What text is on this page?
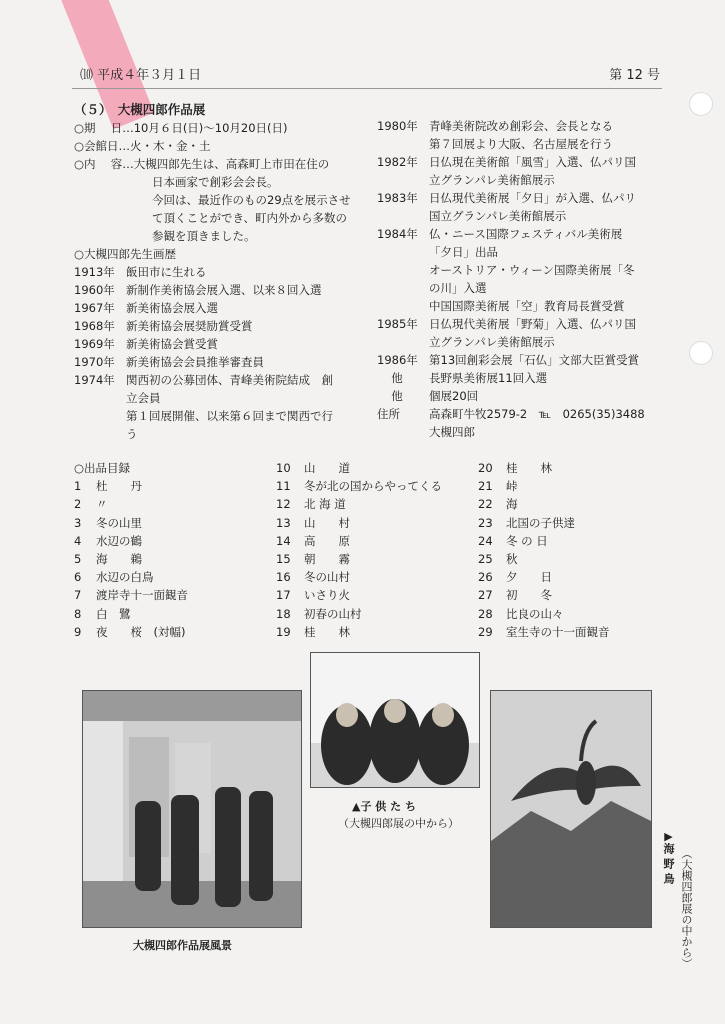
⑽ 平成４年３月１日	第 12 号
（５）　大槻四郎作品展
○期　 日…10月６日(日)〜10月20日(日)
○会館日…火・木・金・土
○内　 容…大槻四郎先生は、高森町上市田在住の
日本画家で創彩会会長。
今回は、最近作のもの29点を展示させ
て頂くことができ、町内外から多数の
参観を頂きました。
○大槻四郎先生画歴
1913年 飯田市に生れる
1960年 新制作美術協会展入選、以来８回入選
1967年 新美術協会展入選
1968年 新美術協会展奨励賞受賞
1969年 新美術協会賞受賞
1970年 新美術協会会員推挙審査員
1974年 関西初の公募団体、青峰美術院結成　創
立会員
第１回展開催、以来第６回まで関西で行
う
1980年 青峰美術院改め創彩会、会長となる
第７回展より大阪、名古屋展を行う
1982年 日仏現在美術館「風雪」入選、仏パリ国
立グランパレ美術館展示
1983年 日仏現代美術展「夕日」が入選、仏パリ
国立グランパレ美術館展示
1984年 仏・ニース国際フェスティバル美術展
「夕日」出品
オーストリア・ウィーン国際美術展「冬
の川」入選
中国国際美術展「空」教育局長賞受賞
1985年 日仏現代美術展「野菊」入選、仏パリ国
立グランパレ美術館展示
1986年 第13回創彩会展「石仏」文部大臣賞受賞
他 長野県美術展11回入選
他 個展20回
住所	高森町牛牧2579-2　℡　0265(35)3488
大槻四郎
○出品目録
1 杜　　丹
2 〃
3 冬の山里
4 水辺の鶴
5 海　　鵜
6 水辺の白鳥
7 渡岸寺十一面観音
8 白　鷺
9 夜　　桜　(対幅)
10 山　　道
11 冬が北の国からやってくる
12 北 海 道
13 山　　村
14 高　　原
15 朝　　霧
16 冬の山村
17 いさり火
18 初春の山村
19 桂　　林
20 桂　　林
21 峠
22 海
23 北国の子供達
24 冬 の 日
25 秋
26 夕　　日
27 初　　冬
28 比良の山々
29 室生寺の十一面観音
▲子 供 た ち
（大槻四郎展の中から）
大槻四郎作品展風景
▶海 野 鳥 （大槻四郎展の中から）
